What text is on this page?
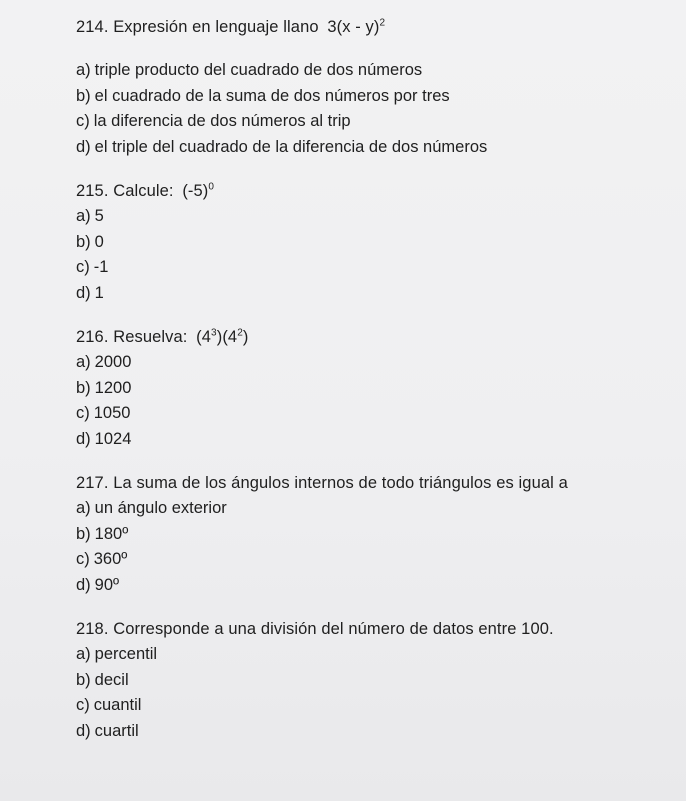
214. Expresión en lenguaje llano 3(x - y)$^2$

a) triple producto del cuadrado de dos números
b) el cuadrado de la suma de dos números por tres
c) la diferencia de dos números al trip
d) el triple del cuadrado de la diferencia de dos números

215. Calcule: $(-5)^0$

a) 5
b) 0
c) -1
d) 1

216. Resuelva: $(4^3)(4^2)$

a) 2000
b) 1200
c) 1050
d) 1024

217. La suma de los ángulos internos de todo triángulos es igual a

a) un ángulo exterior
b) 180º
c) 360º
d) 90º

218. Corresponde a una división del número de datos entre 100.

a) percentil
b) decil
c) cuantil
d) cuartil
